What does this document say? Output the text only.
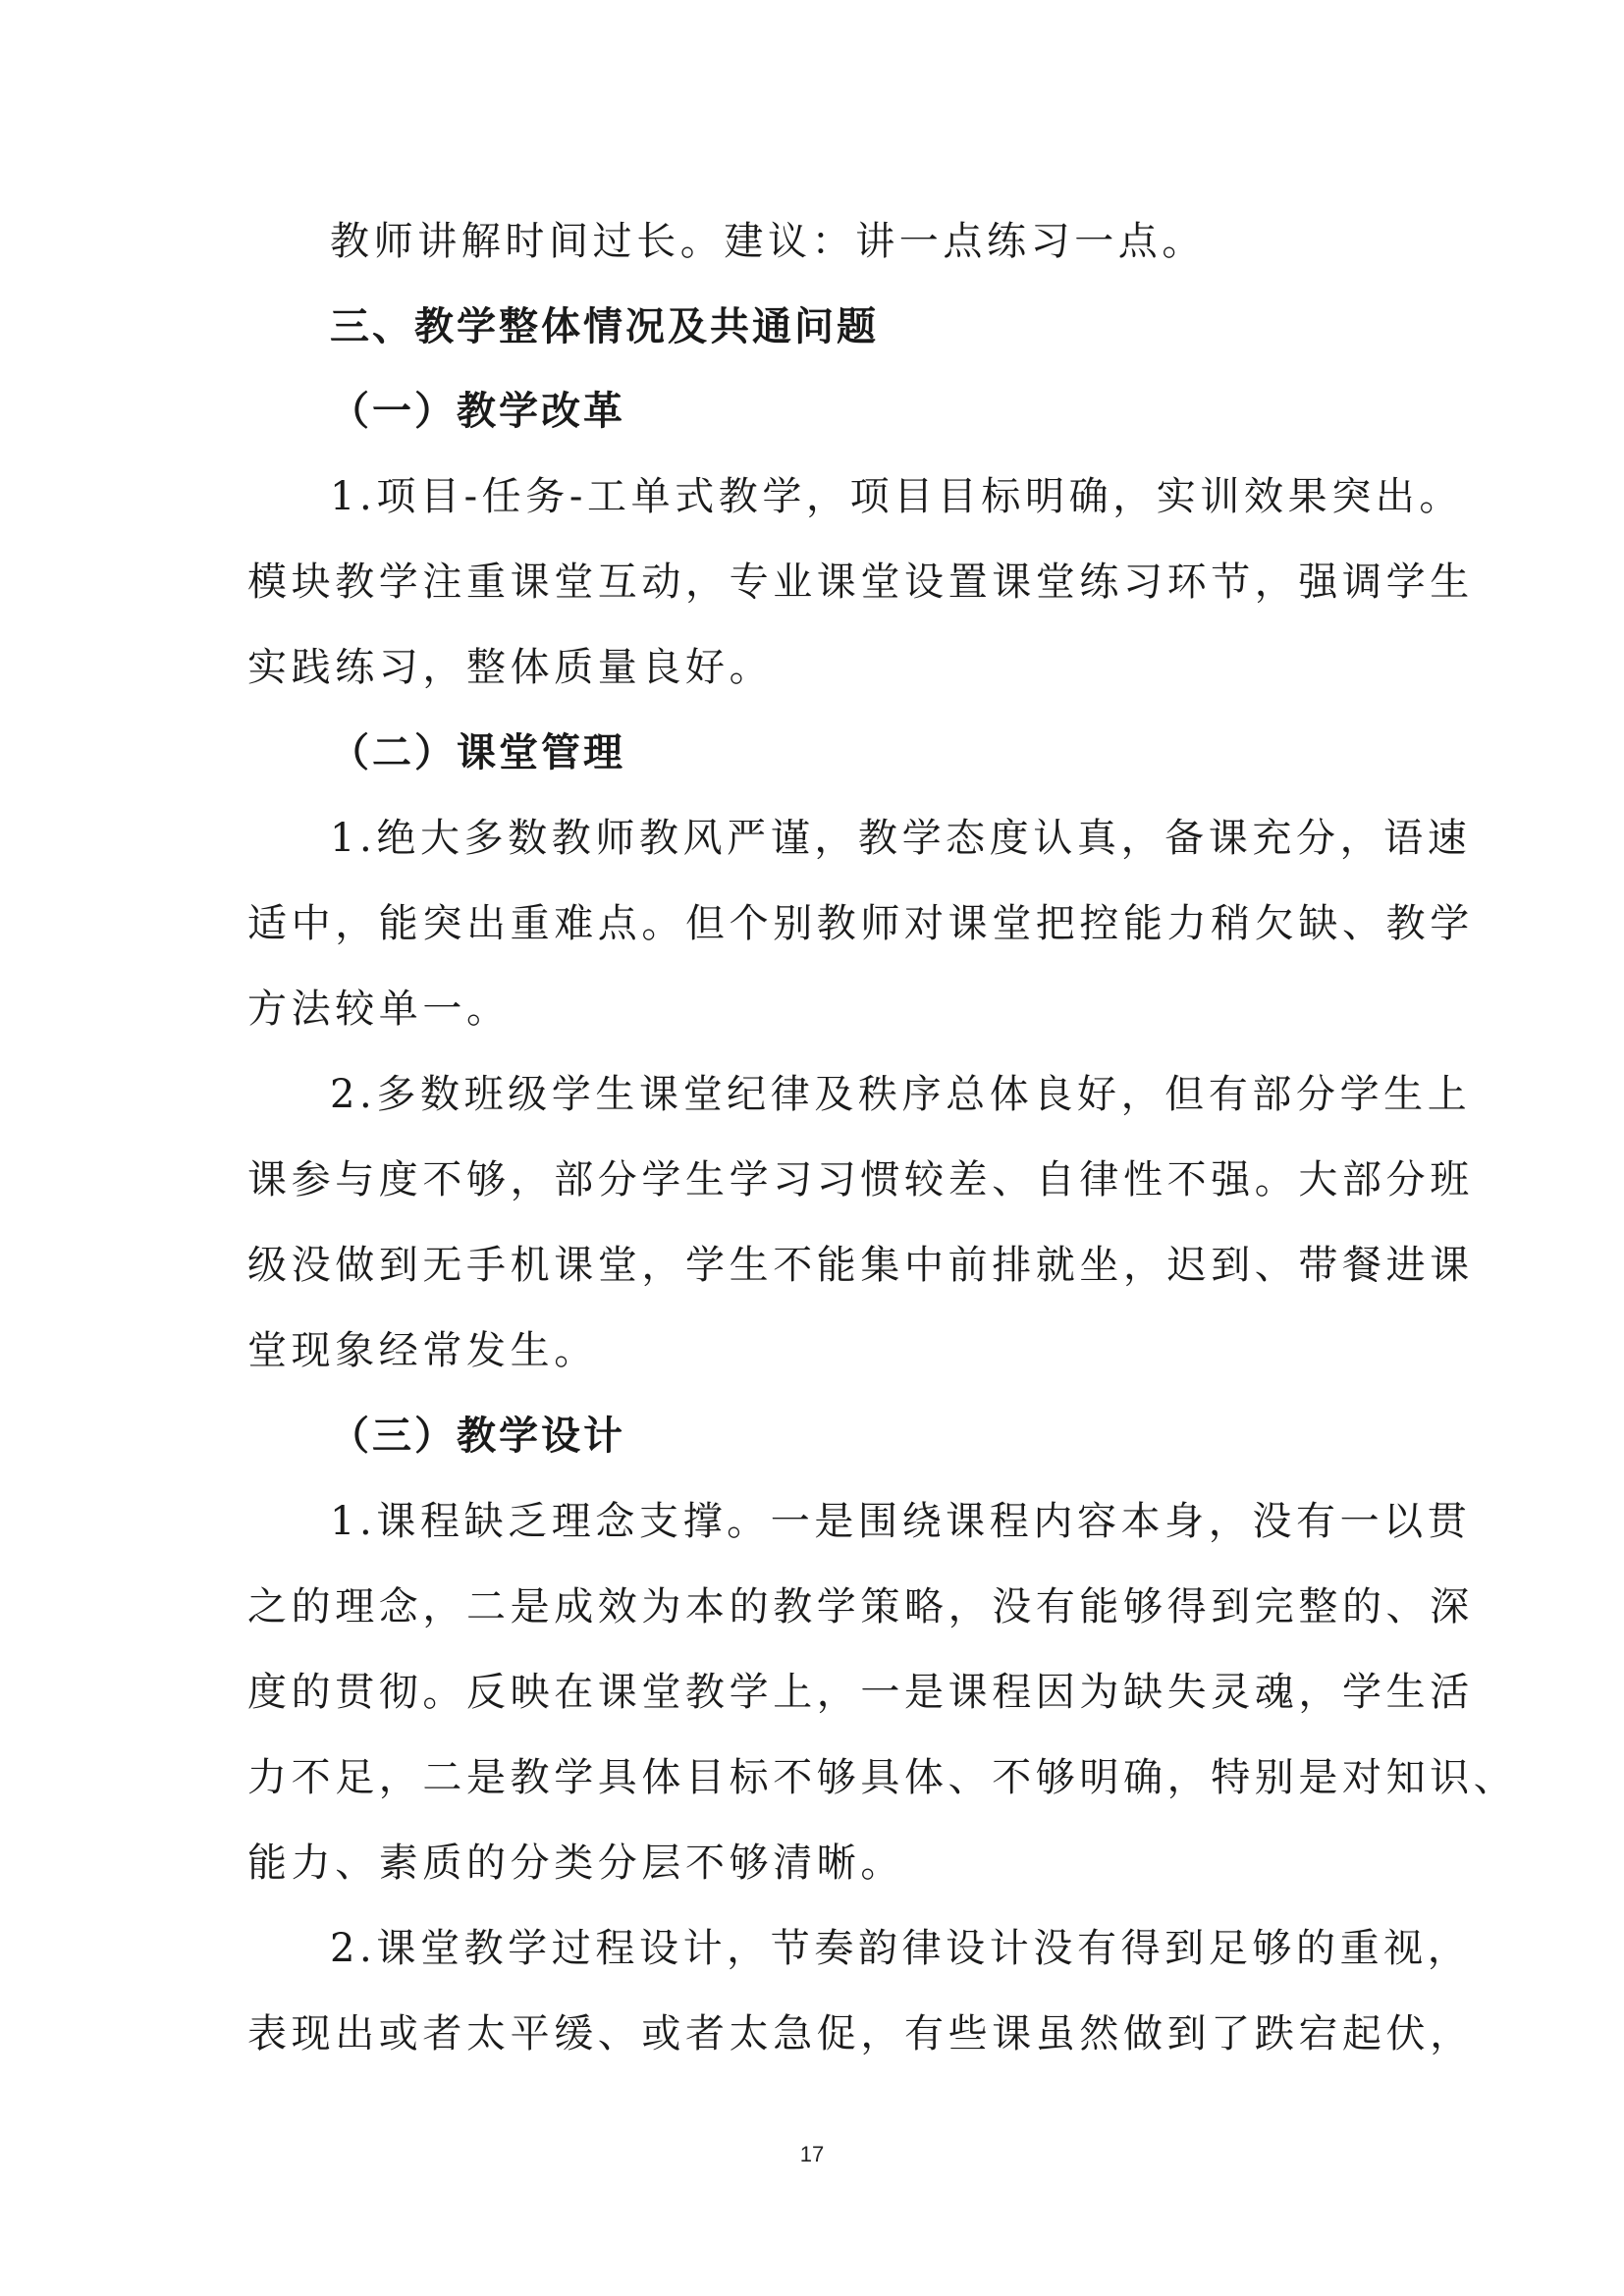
教师讲解时间过长。建议：讲一点练习一点。
三、教学整体情况及共通问题
（一）教学改革
1.项目-任务-工单式教学，项目目标明确，实训效果突出。
模块教学注重课堂互动，专业课堂设置课堂练习环节，强调学生
实践练习，整体质量良好。
（二）课堂管理
1.绝大多数教师教风严谨，教学态度认真，备课充分，语速
适中，能突出重难点。但个别教师对课堂把控能力稍欠缺、教学
方法较单一。
2.多数班级学生课堂纪律及秩序总体良好，但有部分学生上
课参与度不够，部分学生学习习惯较差、自律性不强。大部分班
级没做到无手机课堂，学生不能集中前排就坐，迟到、带餐进课
堂现象经常发生。
（三）教学设计
1.课程缺乏理念支撑。一是围绕课程内容本身，没有一以贯
之的理念，二是成效为本的教学策略，没有能够得到完整的、深
度的贯彻。反映在课堂教学上，一是课程因为缺失灵魂，学生活
力不足，二是教学具体目标不够具体、不够明确，特别是对知识、
能力、素质的分类分层不够清晰。
2.课堂教学过程设计，节奏韵律设计没有得到足够的重视，
表现出或者太平缓、或者太急促，有些课虽然做到了跌宕起伏，
17
